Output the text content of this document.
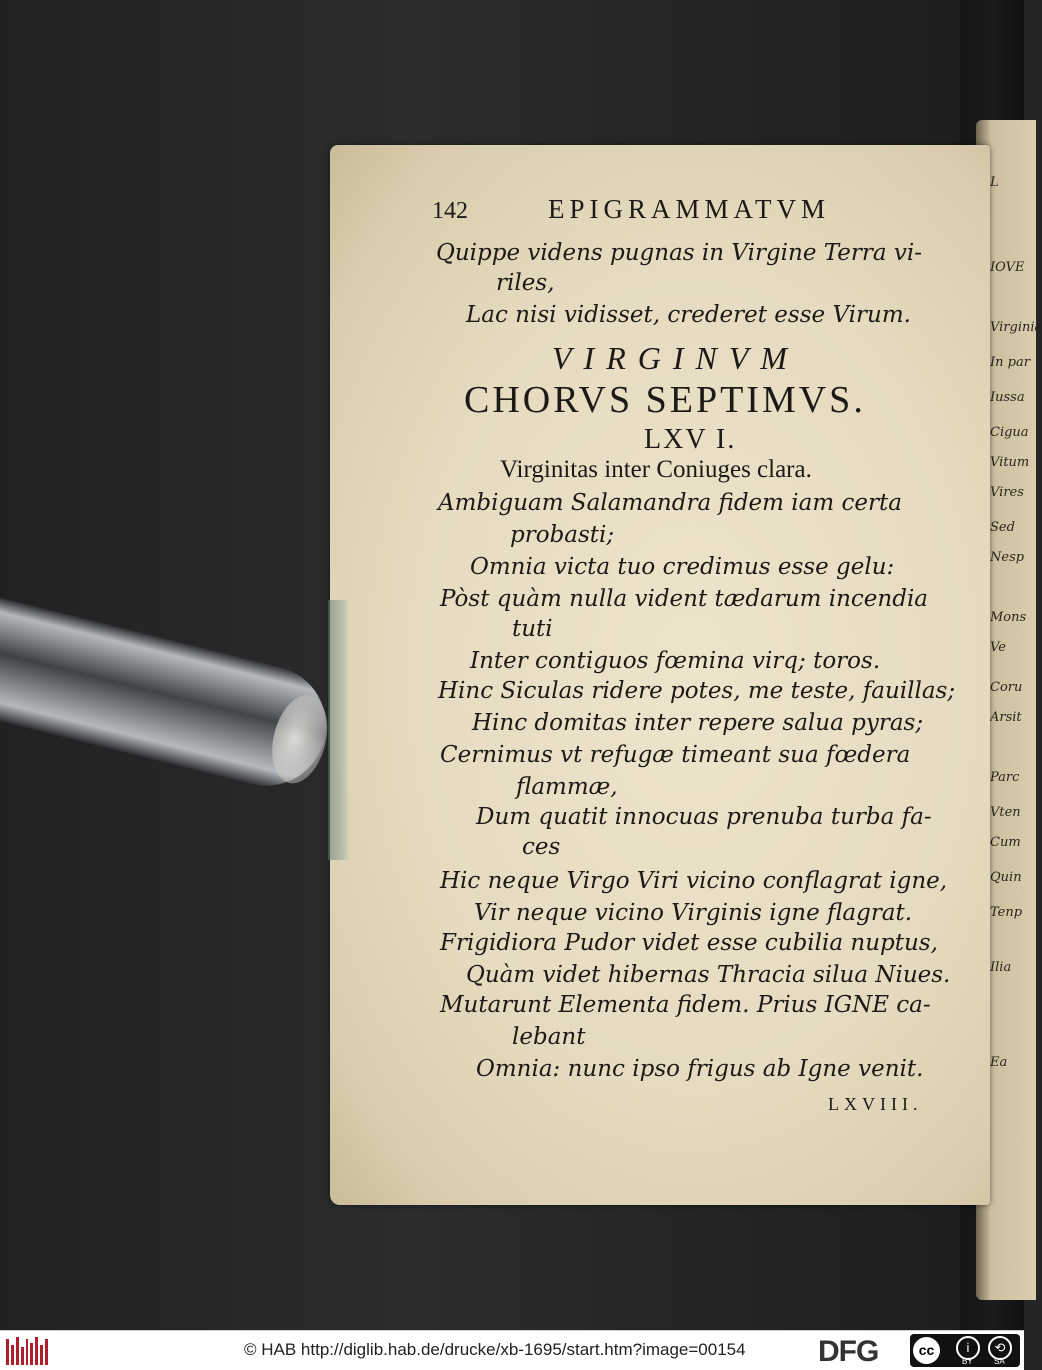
L
IOVE
Virginia
In par
Iussa
Cigua
Vitum
Vires
Sed
Nesp
Mons
Ve
Coru
Arsit
Parc
Vten
Cum
Quin
Tenp
Ilia
Ea
142	EPIGRAMMATVM
Quippe videns pugnas in Virgine Terra vi-
riles,
Lac nisi vidisset, crederet esse Virum.
VIRGINVM
CHORVS SEPTIMVS.
LXV I.
Virginitas inter Coniuges clara.
Ambiguam Salamandra fidem iam certa
probasti;
Omnia victa tuo credimus esse gelu:
Pòst quàm nulla vident tædarum incendia
tuti
Inter contiguos fœmina virq; toros.
Hinc Siculas ridere potes, me teste, fauillas;
Hinc domitas inter repere salua pyras;
Cernimus vt refugæ timeant sua fœdera
flammæ,
Dum quatit innocuas prenuba turba fa-
ces
Hic neque Virgo Viri vicino conflagrat igne,
Vir neque vicino Virginis igne flagrat.
Frigidiora Pudor videt esse cubilia nuptus,
Quàm videt hibernas Thracia silua Niues.
Mutarunt Elementa fidem. Prius IGNE ca-
lebant
Omnia: nunc ipso frigus ab Igne venit.
LXVIII.
© HAB http://diglib.hab.de/drucke/xb-1695/start.htm?image=00154 DFG	cc	i	⟲
BY	SA
